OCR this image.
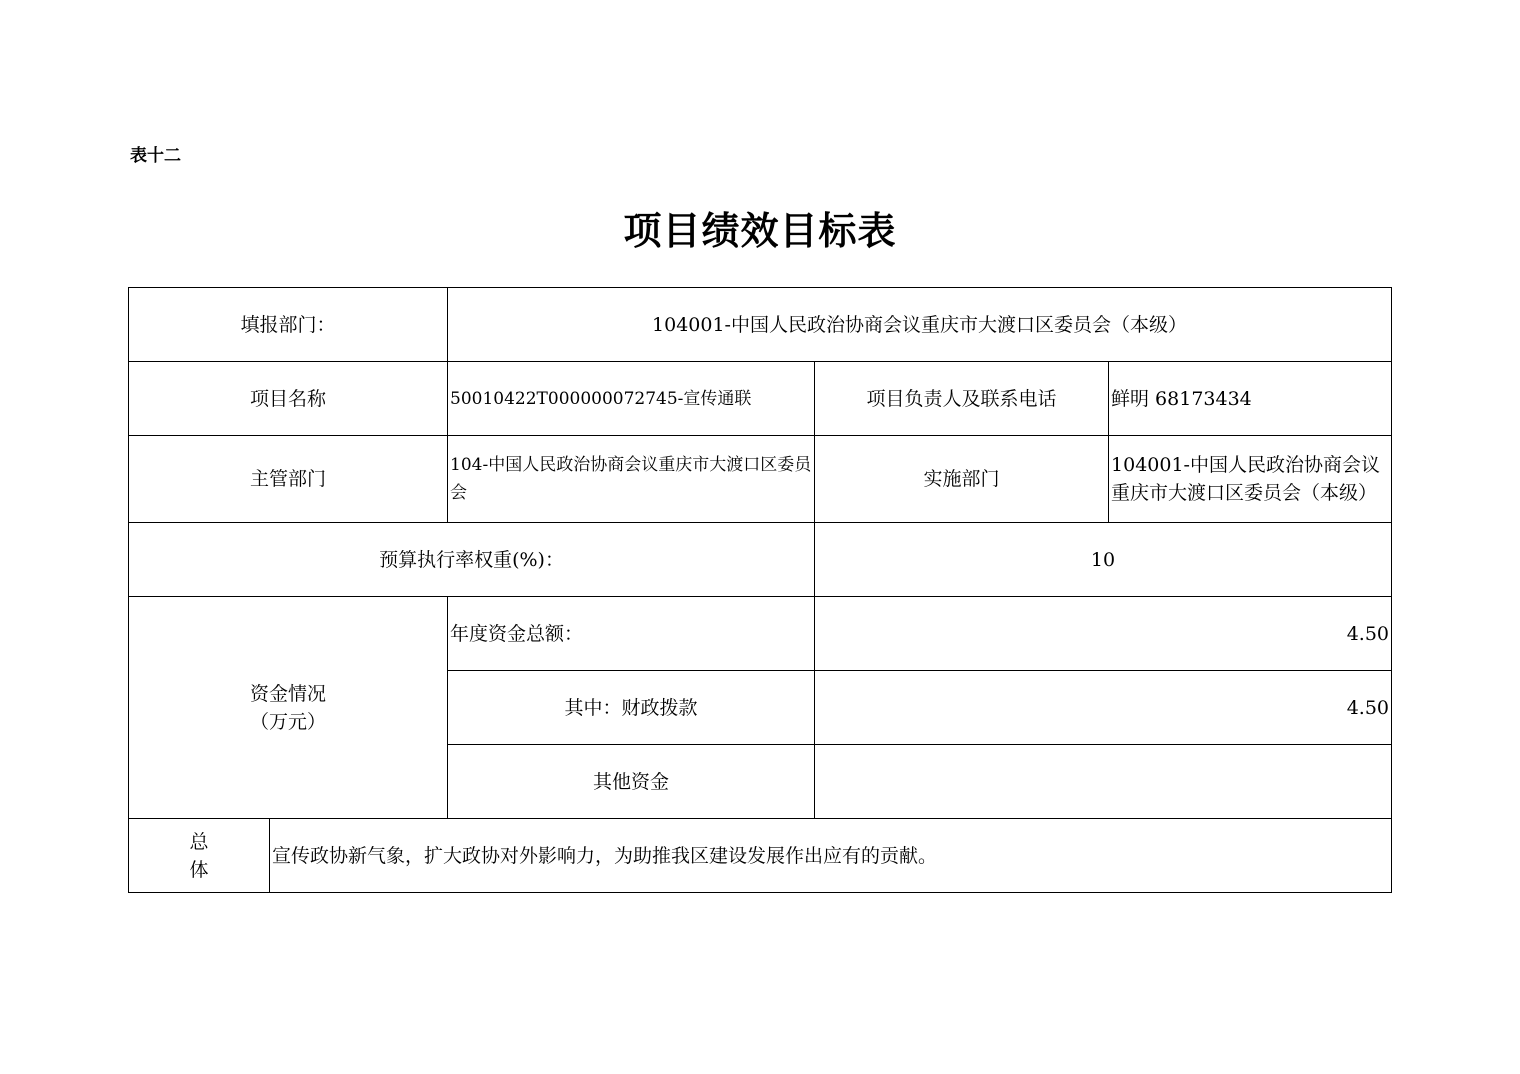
表十二
项目绩效目标表
填报部门：		104001-中国人民政治协商会议重庆市大渡口区委员会（本级）		
项目名称		50010422T000000072745-宣传通联	项目负责人及联系电话	鲜明 68173434
主管部门		104-中国人民政治协商会议重庆市大渡口区委员会	实施部门	104001-中国人民政治协商会议重庆市大渡口区委员会（本级）
预算执行率权重(%)：			10	

资金情况
（万元）		年度资金总额：	4.50	
		其中：财政拨款	4.50	
		其他资金		

总
体	宣传政协新气象，扩大政协对外影响力，为助推我区建设发展作出应有的贡献。			
